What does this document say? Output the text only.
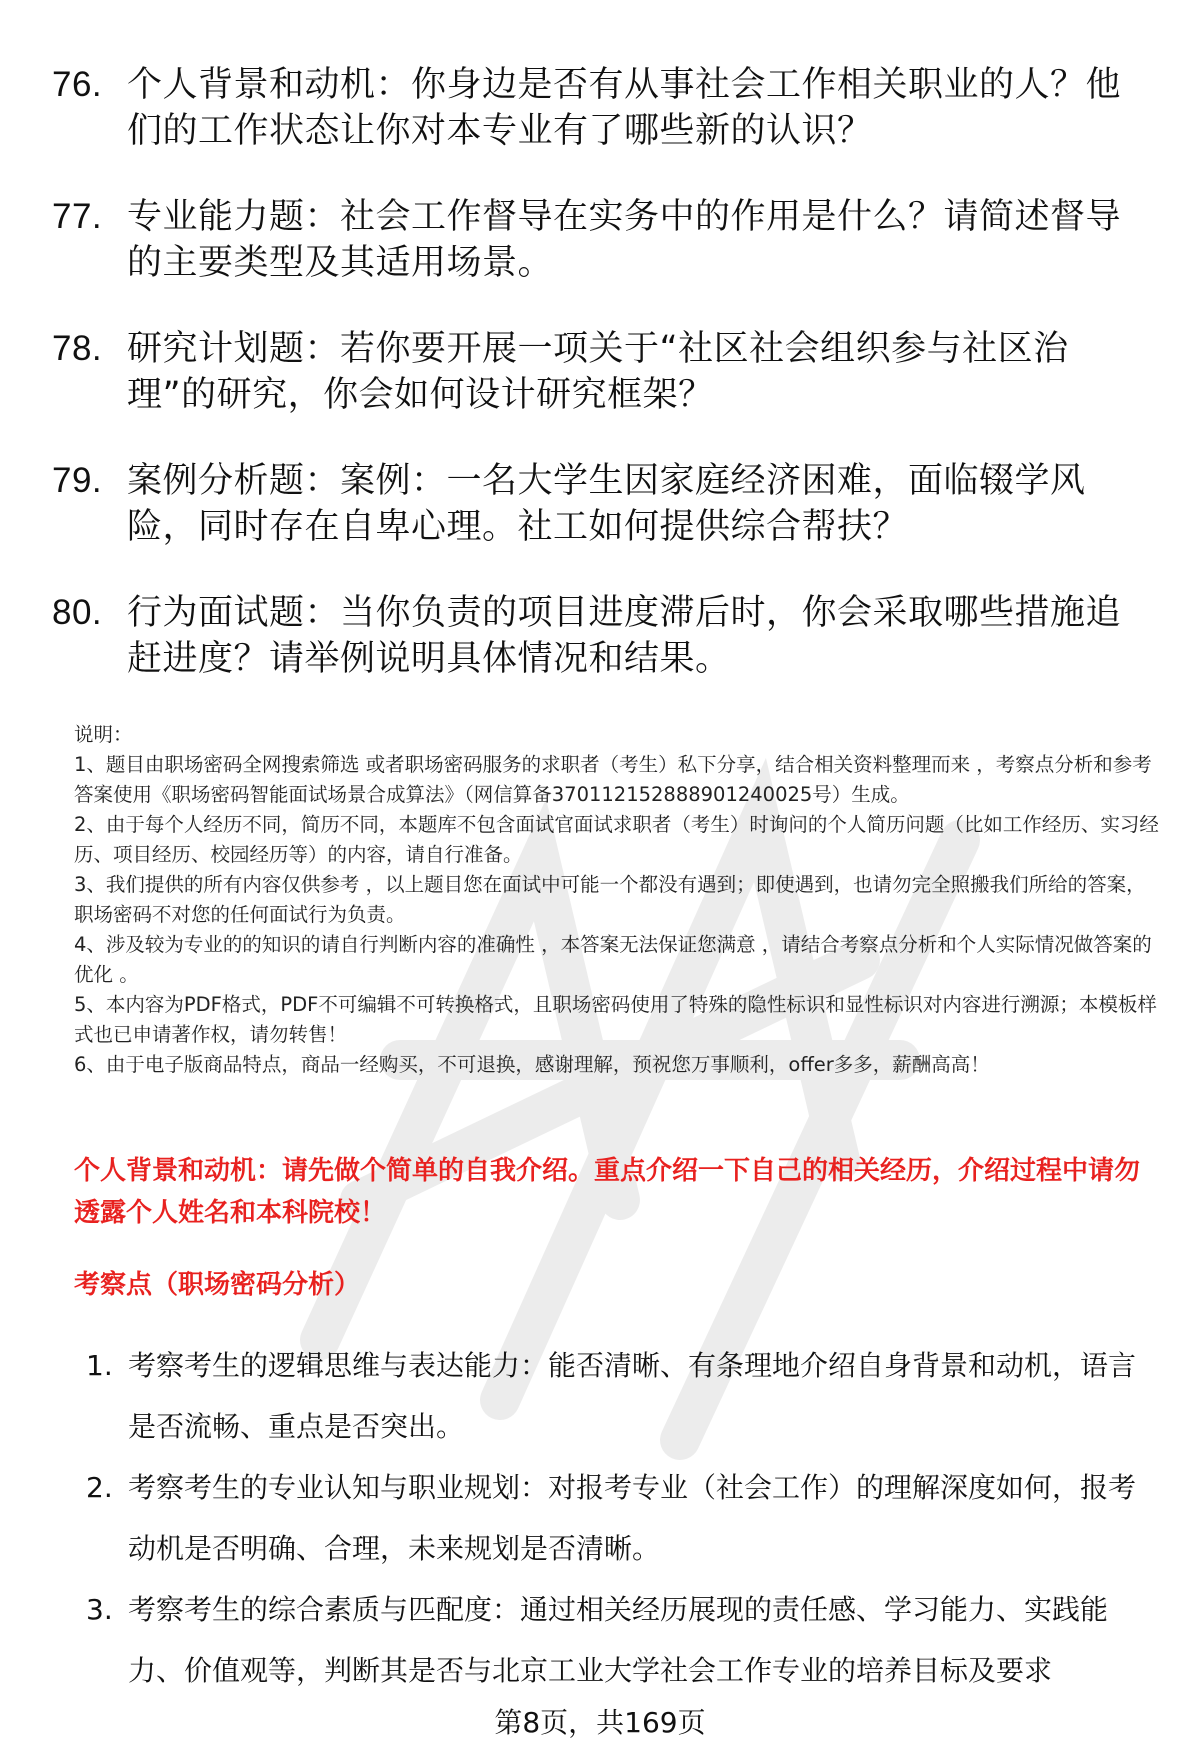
76. 个人背景和动机：你身边是否有从事社会工作相关职业的人？他们的工作状态让你对本专业有了哪些新的认识？
77. 专业能力题：社会工作督导在实务中的作用是什么？请简述督导的主要类型及其适用场景。
78. 研究计划题：若你要开展一项关于“社区社会组织参与社区治理”的研究，你会如何设计研究框架？
79. 案例分析题：案例：一名大学生因家庭经济困难，面临辍学风险，同时存在自卑心理。社工如何提供综合帮扶？
80. 行为面试题：当你负责的项目进度滞后时，你会采取哪些措施追赶进度？请举例说明具体情况和结果。

说明：

1、题目由职场密码全网搜索筛选 或者职场密码服务的求职者（考生）私下分享，结合相关资料整理而来 ，考察点分析和参考答案使用《职场密码智能面试场景合成算法》（网信算备370112152888901240025号）生成。

2、由于每个人经历不同，简历不同，本题库不包含面试官面试求职者（考生）时询问的个人简历问题（比如工作经历、实习经历、项目经历、校园经历等）的内容，请自行准备。

3、我们提供的所有内容仅供参考 ，以上题目您在面试中可能一个都没有遇到；即使遇到，也请勿完全照搬我们所给的答案，职场密码不对您的任何面试行为负责。

4、涉及较为专业的的知识的请自行判断内容的准确性 ，本答案无法保证您满意 ，请结合考察点分析和个人实际情况做答案的优化 。

5、本内容为PDF格式，PDF不可编辑不可转换格式，且职场密码使用了特殊的隐性标识和显性标识对内容进行溯源；本模板样式也已申请著作权，请勿转售！

6、由于电子版商品特点，商品一经购买，不可退换，感谢理解，预祝您万事顺利，offer多多，薪酬高高！

个人背景和动机：请先做个简单的自我介绍。重点介绍一下自己的相关经历，介绍过程中请勿透露个人姓名和本科院校！
考察点（职场密码分析）
1. 考察考生的逻辑思维与表达能力：能否清晰、有条理地介绍自身背景和动机，语言是否流畅、重点是否突出。
2. 考察考生的专业认知与职业规划：对报考专业（社会工作）的理解深度如何，报考动机是否明确、合理，未来规划是否清晰。
3. 考察考生的综合素质与匹配度：通过相关经历展现的责任感、学习能力、实践能力、价值观等，判断其是否与北京工业大学社会工作专业的培养目标及要求
第8页，共169页
